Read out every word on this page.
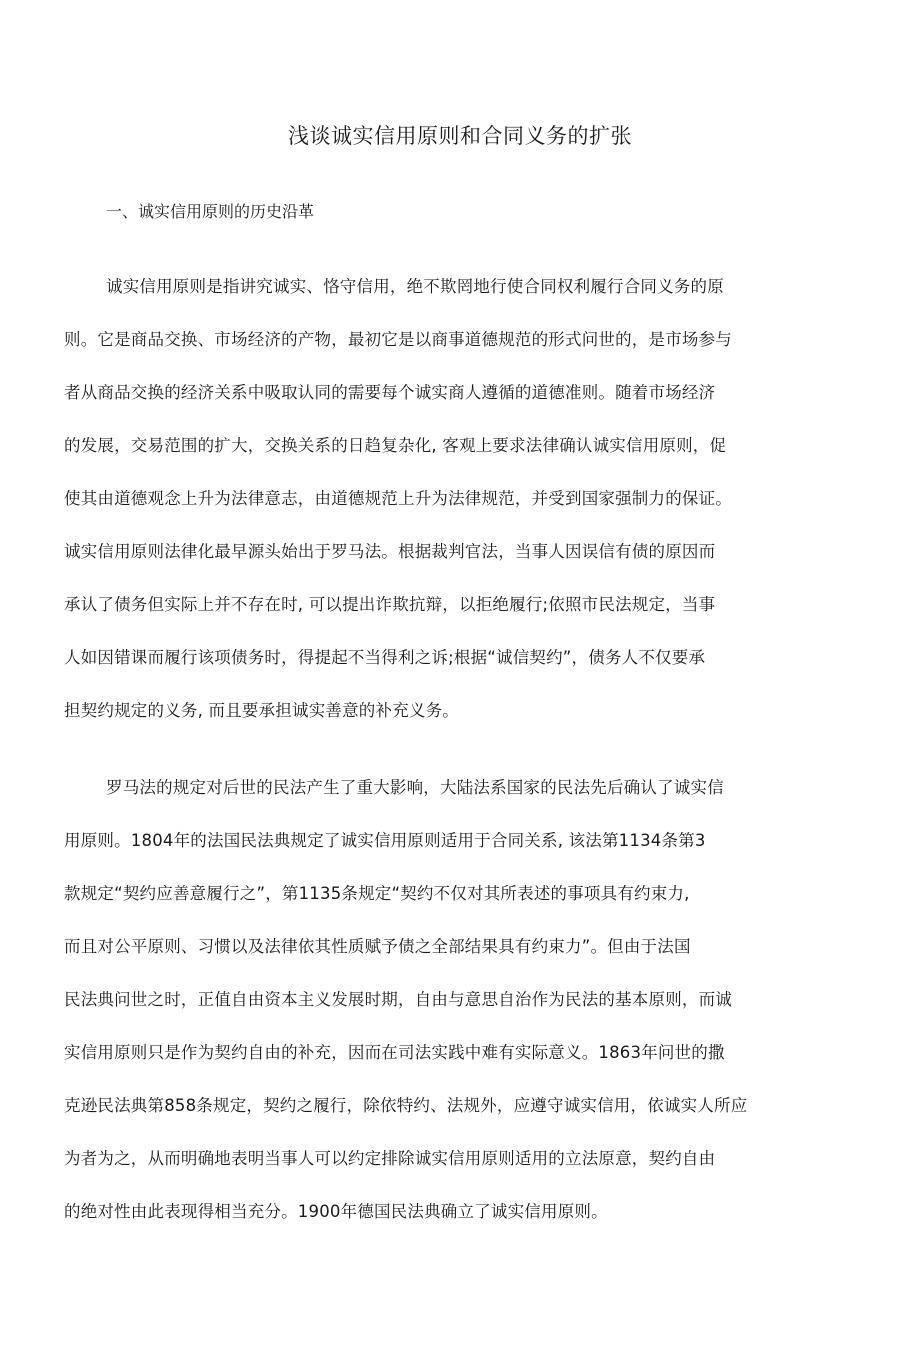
浅谈诚实信用原则和合同义务的扩张
一、诚实信用原则的历史沿革
诚实信用原则是指讲究诚实、恪守信用，绝不欺罔地行使合同权利履行合同义务的原
则。它是商品交换、市场经济的产物，最初它是以商事道德规范的形式问世的，是市场参与
者从商品交换的经济关系中吸取认同的需要每个诚实商人遵循的道德准则。随着市场经济
的发展，交易范围的扩大，交换关系的日趋复杂化, 客观上要求法律确认诚实信用原则，促
使其由道德观念上升为法律意志，由道德规范上升为法律规范，并受到国家强制力的保证。
诚实信用原则法律化最早源头始出于罗马法。根据裁判官法，当事人因误信有债的原因而
承认了债务但实际上并不存在时, 可以提出诈欺抗辩，以拒绝履行;依照市民法规定，当事
人如因错课而履行该项债务时，得提起不当得利之诉;根据“诚信契约”，债务人不仅要承
担契约规定的义务, 而且要承担诚实善意的补充义务。
罗马法的规定对后世的民法产生了重大影响，大陆法系国家的民法先后确认了诚实信
用原则。1804年的法国民法典规定了诚实信用原则适用于合同关系, 该法第1134条第3
款规定“契约应善意履行之”，第1135条规定“契约不仅对其所表述的事项具有约束力,
而且对公平原则、习惯以及法律依其性质赋予债之全部结果具有约束力”。但由于法国
民法典问世之时，正值自由资本主义发展时期，自由与意思自治作为民法的基本原则，而诚
实信用原则只是作为契约自由的补充，因而在司法实践中难有实际意义。1863年问世的撒
克逊民法典第858条规定，契约之履行，除依特约、法规外，应遵守诚实信用，依诚实人所应
为者为之，从而明确地表明当事人可以约定排除诚实信用原则适用的立法原意，契约自由
的绝对性由此表现得相当充分。1900年德国民法典确立了诚实信用原则。
